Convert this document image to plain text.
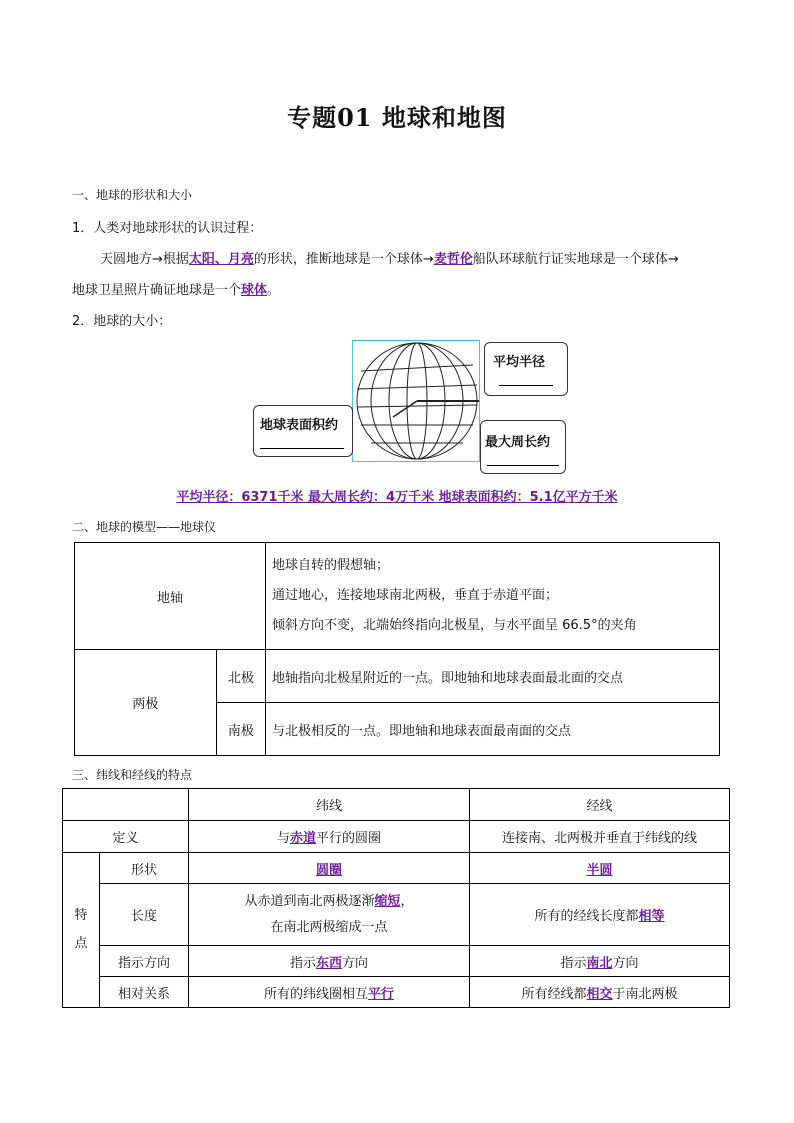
专题01 地球和地图
一、地球的形状和大小
1．人类对地球形状的认识过程：
天圆地方→根据太阳、月亮的形状，推断地球是一个球体→麦哲伦船队环球航行证实地球是一个球体→
地球卫星照片确证地球是一个球体。
2．地球的大小：
平均半径
最大周长约
地球表面积约
平均半径：6371千米 最大周长约：4万千米 地球表面积约：5.1亿平方千米
二、地球的模型——地球仪
地轴		地球自转的假想轴；
通过地心，连接地球南北两极，垂直于赤道平面；
倾斜方向不变，北端始终指向北极星，与水平面呈 66.5°的夹角

两极	北极	地轴指向北极星附近的一点。即地轴和地球表面最北面的交点
	南极	与北极相反的一点。即地轴和地球表面最南面的交点
三、纬线和经线的特点
		纬线	经线
定义		与赤道平行的圆圈	连接南、北两极并垂直于纬线的线

特
点	形状	圆圈	半圆
	长度	从赤道到南北两极逐渐缩短，
在南北两极缩成一点	所有的经线长度都相等
	指示方向	指示东西方向	指示南北方向
	相对关系	所有的纬线圈相互平行	所有经线都相交于南北两极
